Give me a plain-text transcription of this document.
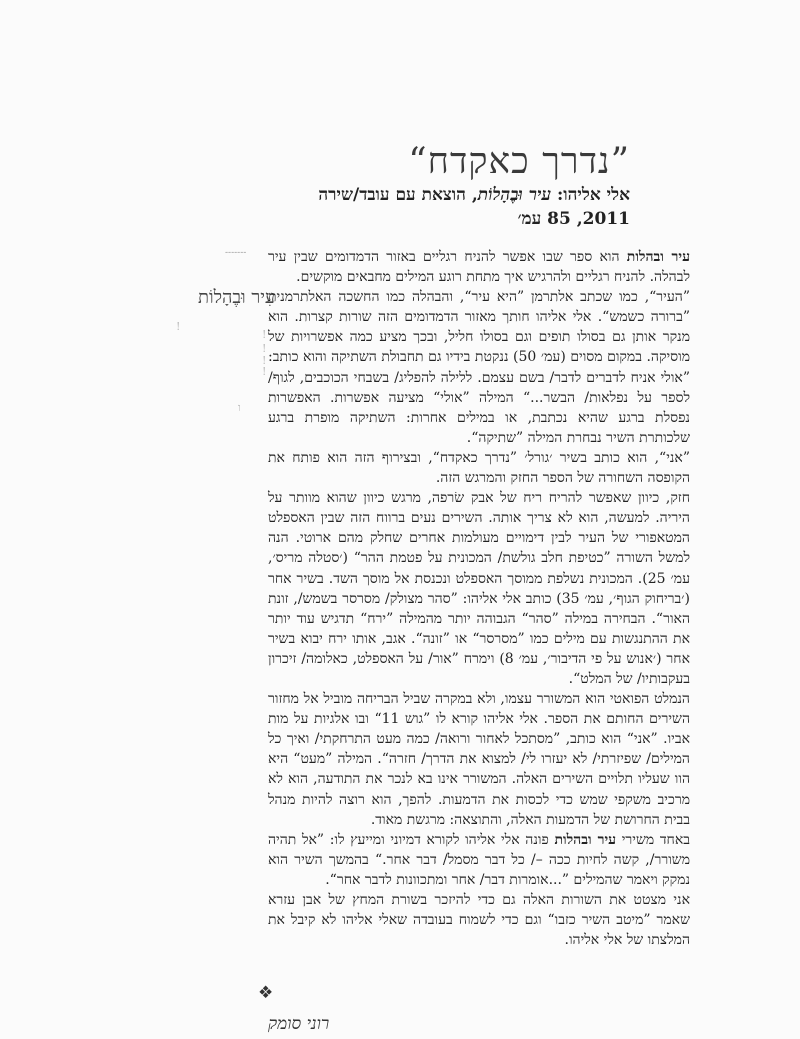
”נדרך כאקדח“
אלי אליהו: עיר וּבֶהָלוֹת, הוצאת עם עובד/שירה
2011, 85 עמ׳
-------
עִיר וּבֶהָלוֹת
!
!
!
!
!
ו

עיר ובהלות הוא ספר שבו אפשר להניח רגליים באזור הדמדומים שבין עיר לבהלה. להניח רגליים ולהרגיש איך מתחת רוגע המילים מחבאים מוקשים.

”העיר“, כמו שכתב אלתרמן ”היא עיר“, והבהלה כמו החשכה האלתרמנית ”ברורה כשמש“. אלי אליהו חותך מאזור הדמדומים הזה שורות קצרות. הוא מנקר אותן גם בסולו תופים וגם בסולו חליל, ובכך מציע כמה אפשרויות של מוסיקה. במקום מסוים (עמ׳ 50) ננקטת בידיו גם תחבולת השתיקה והוא כותב: ”אולי אניח לדברים לדבר/ בשם עצמם. ללילה להפליג/ בשבחי הכוכבים, לגוף/ לספר על נפלאות/ הבשר...“ המילה ”אולי“ מציעה אפשרות. האפשרות נפסלת ברגע שהיא נכתבת, או במילים אחרות: השתיקה מופרת ברגע שלכותרת השיר נבחרת המילה ”שתיקה“.

”אני“, הוא כותב בשיר ׳גורל׳ ”נדרך כאקדח“, ובצירוף הזה הוא פותח את הקופסה השחורה של הספר החזק והמרגש הזה.

חזק, כיוון שאפשר להריח ריח של אבק שׂרפה, מרגש כיוון שהוא מוותר על היריה. למעשה, הוא לא צריך אותה. השירים נעים ברווח הזה שבין האספלט המטאפורי של העיר לבין דימויים מעולמות אחרים שחלק מהם ארוטי. הנה למשל השורה ”כטיפת חלב גולשת/ המכונית על פטמת ההר“ (׳סטלה מריס׳, עמ׳ 25). המכונית נשלפת ממוסך האספלט ונכנסת אל מוסך השד. בשיר אחר (׳בריחוק הגוף׳, עמ׳ 35) כותב אלי אליהו: ”סהר מצולק/ מסרסר בשמש/, זונת האור“. הבחירה במילה ”סהר“ הגבוהה יותר מהמילה ”ירח“ תדגיש עוד יותר את ההתנגשות עם מילים כמו ”מסרסר“ או ”זונה“. אגב, אותו ירח יבוא בשיר אחר (׳אנוש על פי הדיבור׳, עמ׳ 8) וימרח ”אור/ על האספלט, כאלומה/ זיכרון בעקבותיו/ של המלט“.

הנמלט הפואטי הוא המשורר עצמו, ולא במקרה שביל הבריחה מוביל אל מחזור השירים החותם את הספר. אלי אליהו קורא לו ”גוש 11“ ובו אלגיות על מות אביו. ”אני“ הוא כותב, ”מסתכל לאחור ורואה/ כמה מעט התרחקתי/ ואיך כל המילים/ שפיזרתי/ לא יעזרו לי/ למצוא את הדרך/ חזרה“. המילה ”מעט“ היא הוו שעליו תלויים השירים האלה. המשורר אינו בא לנכר את התודעה, הוא לא מרכיב משקפי שמש כדי לכסות את הדמעות. להפך, הוא רוצה להיות מנהל בבית החרושת של הדמעות האלה, והתוצאה: מרגשת מאוד.

באחד משירי עיר ובהלות פונה אלי אליהו לקורא דמיוני ומייעץ לו: ”אל תהיה משורר/, קשה לחיות ככה –/ כל דבר מסמל/ דבר אחר.“ בהמשך השיר הוא נמקק ויאמר שהמילים ”...אומרות דבר/ אחר ומתכוונות לדבר אחר“.

אני מצטט את השורות האלה גם כדי להיזכר בשורת המחץ של אבן עזרא שאמר ”מיטב השיר כזבו“ וגם כדי לשמוח בעובדה שאלי אליהו לא קיבל את המלצתו של אלי אליהו.

❖
רוני סומק
